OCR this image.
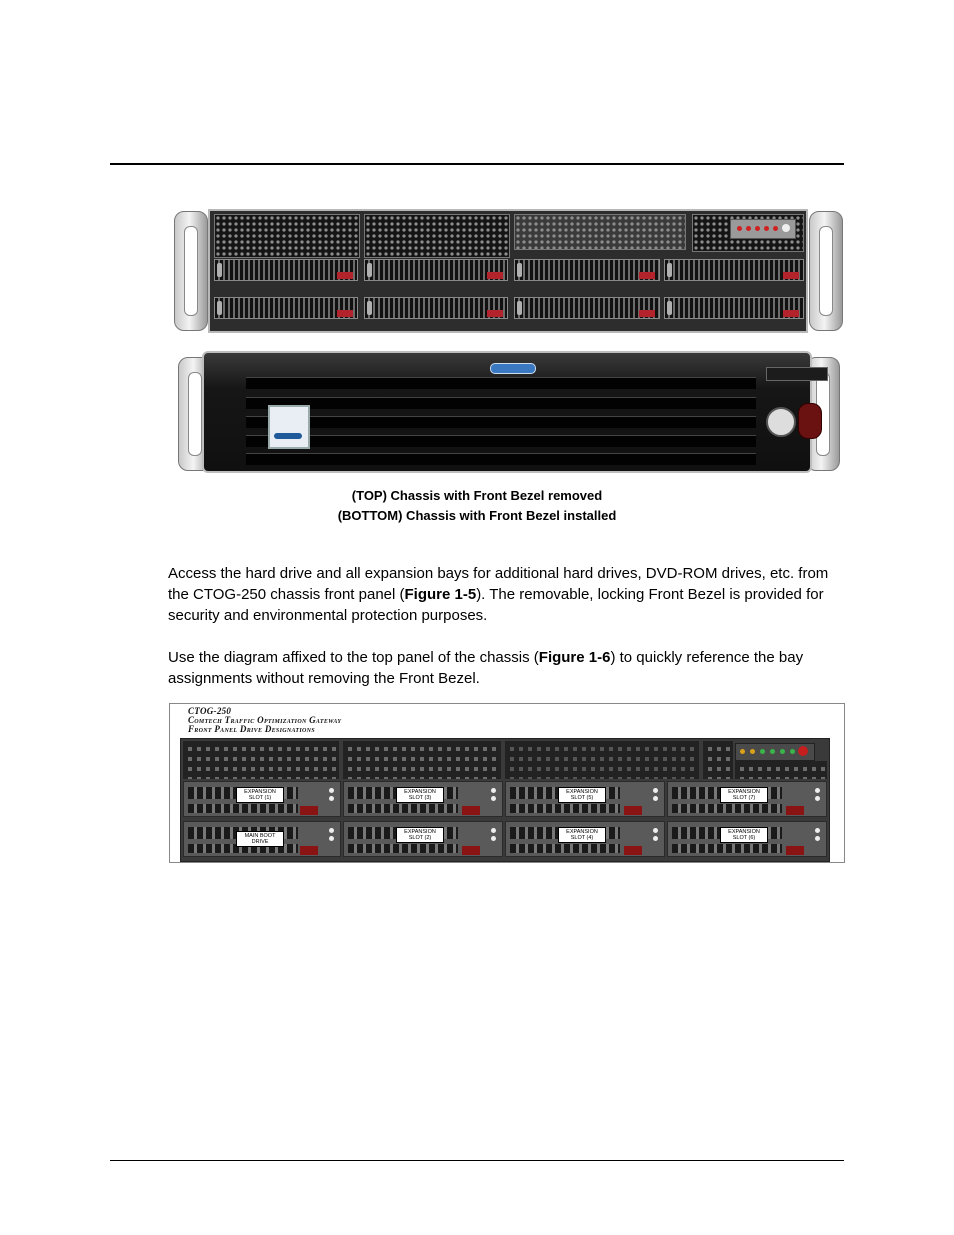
(TOP) Chassis with Front Bezel removed
(BOTTOM) Chassis with Front Bezel installed

Access the hard drive and all expansion bays for additional hard drives, DVD-ROM drives, etc. from the CTOG-250 chassis front panel (Figure 1-5). The removable, locking Front Bezel is provided for security and environmental protection purposes.

Use the diagram affixed to the top panel of the chassis (Figure 1-6) to quickly reference the bay assignments without removing the Front Bezel.

CTOG-250
Comtech Traffic Optimization Gateway
Front Panel Drive Designations
EXPANSION
SLOT (1)
EXPANSION
SLOT (3)
EXPANSION
SLOT (5)
EXPANSION
SLOT (7)
MAIN BOOT DRIVE
EXPANSION
SLOT (2)
EXPANSION
SLOT (4)
EXPANSION
SLOT (6)
